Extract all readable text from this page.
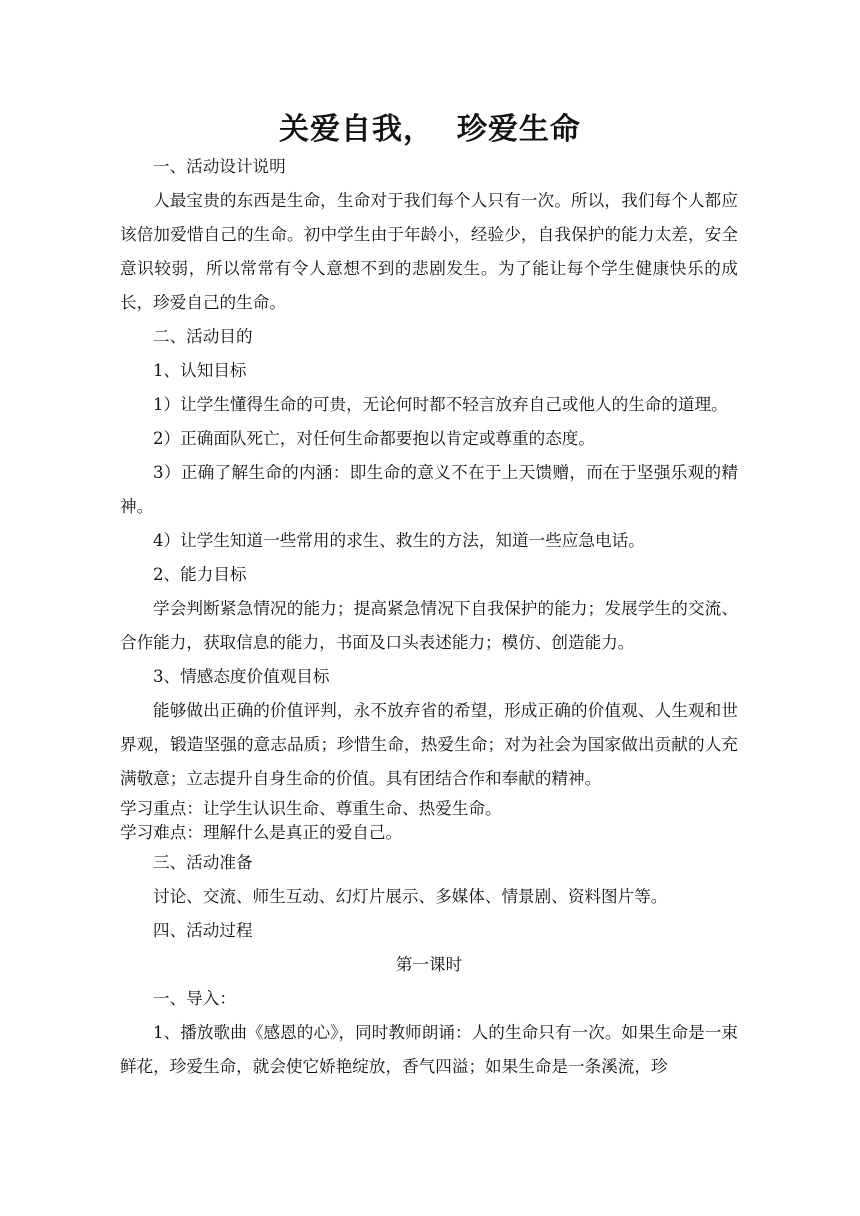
关爱自我，  珍爱生命

一、活动设计说明

人最宝贵的东西是生命，生命对于我们每个人只有一次。所以，我们每个人都应该倍加爱惜自己的生命。初中学生由于年龄小，经验少，自我保护的能力太差，安全意识较弱，所以常常有令人意想不到的悲剧发生。为了能让每个学生健康快乐的成长，珍爱自己的生命。

二、活动目的

1、认知目标

1）让学生懂得生命的可贵，无论何时都不轻言放弃自己或他人的生命的道理。

2）正确面队死亡，对任何生命都要抱以肯定或尊重的态度。

3）正确了解生命的内涵：即生命的意义不在于上天馈赠，而在于坚强乐观的精神。

4）让学生知道一些常用的求生、救生的方法，知道一些应急电话。

2、能力目标

学会判断紧急情况的能力；提高紧急情况下自我保护的能力；发展学生的交流、合作能力，获取信息的能力，书面及口头表述能力；模仿、创造能力。

3、情感态度价值观目标

能够做出正确的价值评判，永不放弃省的希望，形成正确的价值观、人生观和世界观，锻造坚强的意志品质；珍惜生命，热爱生命；对为社会为国家做出贡献的人充满敬意；立志提升自身生命的价值。具有团结合作和奉献的精神。

学习重点：让学生认识生命、尊重生命、热爱生命。

学习难点：理解什么是真正的爱自己。

三、活动准备

讨论、交流、师生互动、幻灯片展示、多媒体、情景剧、资料图片等。

四、活动过程

第一课时

一、导入：

1、播放歌曲《感恩的心》，同时教师朗诵：人的生命只有一次。如果生命是一束鲜花，珍爱生命，就会使它娇艳绽放，香气四溢；如果生命是一条溪流，珍
